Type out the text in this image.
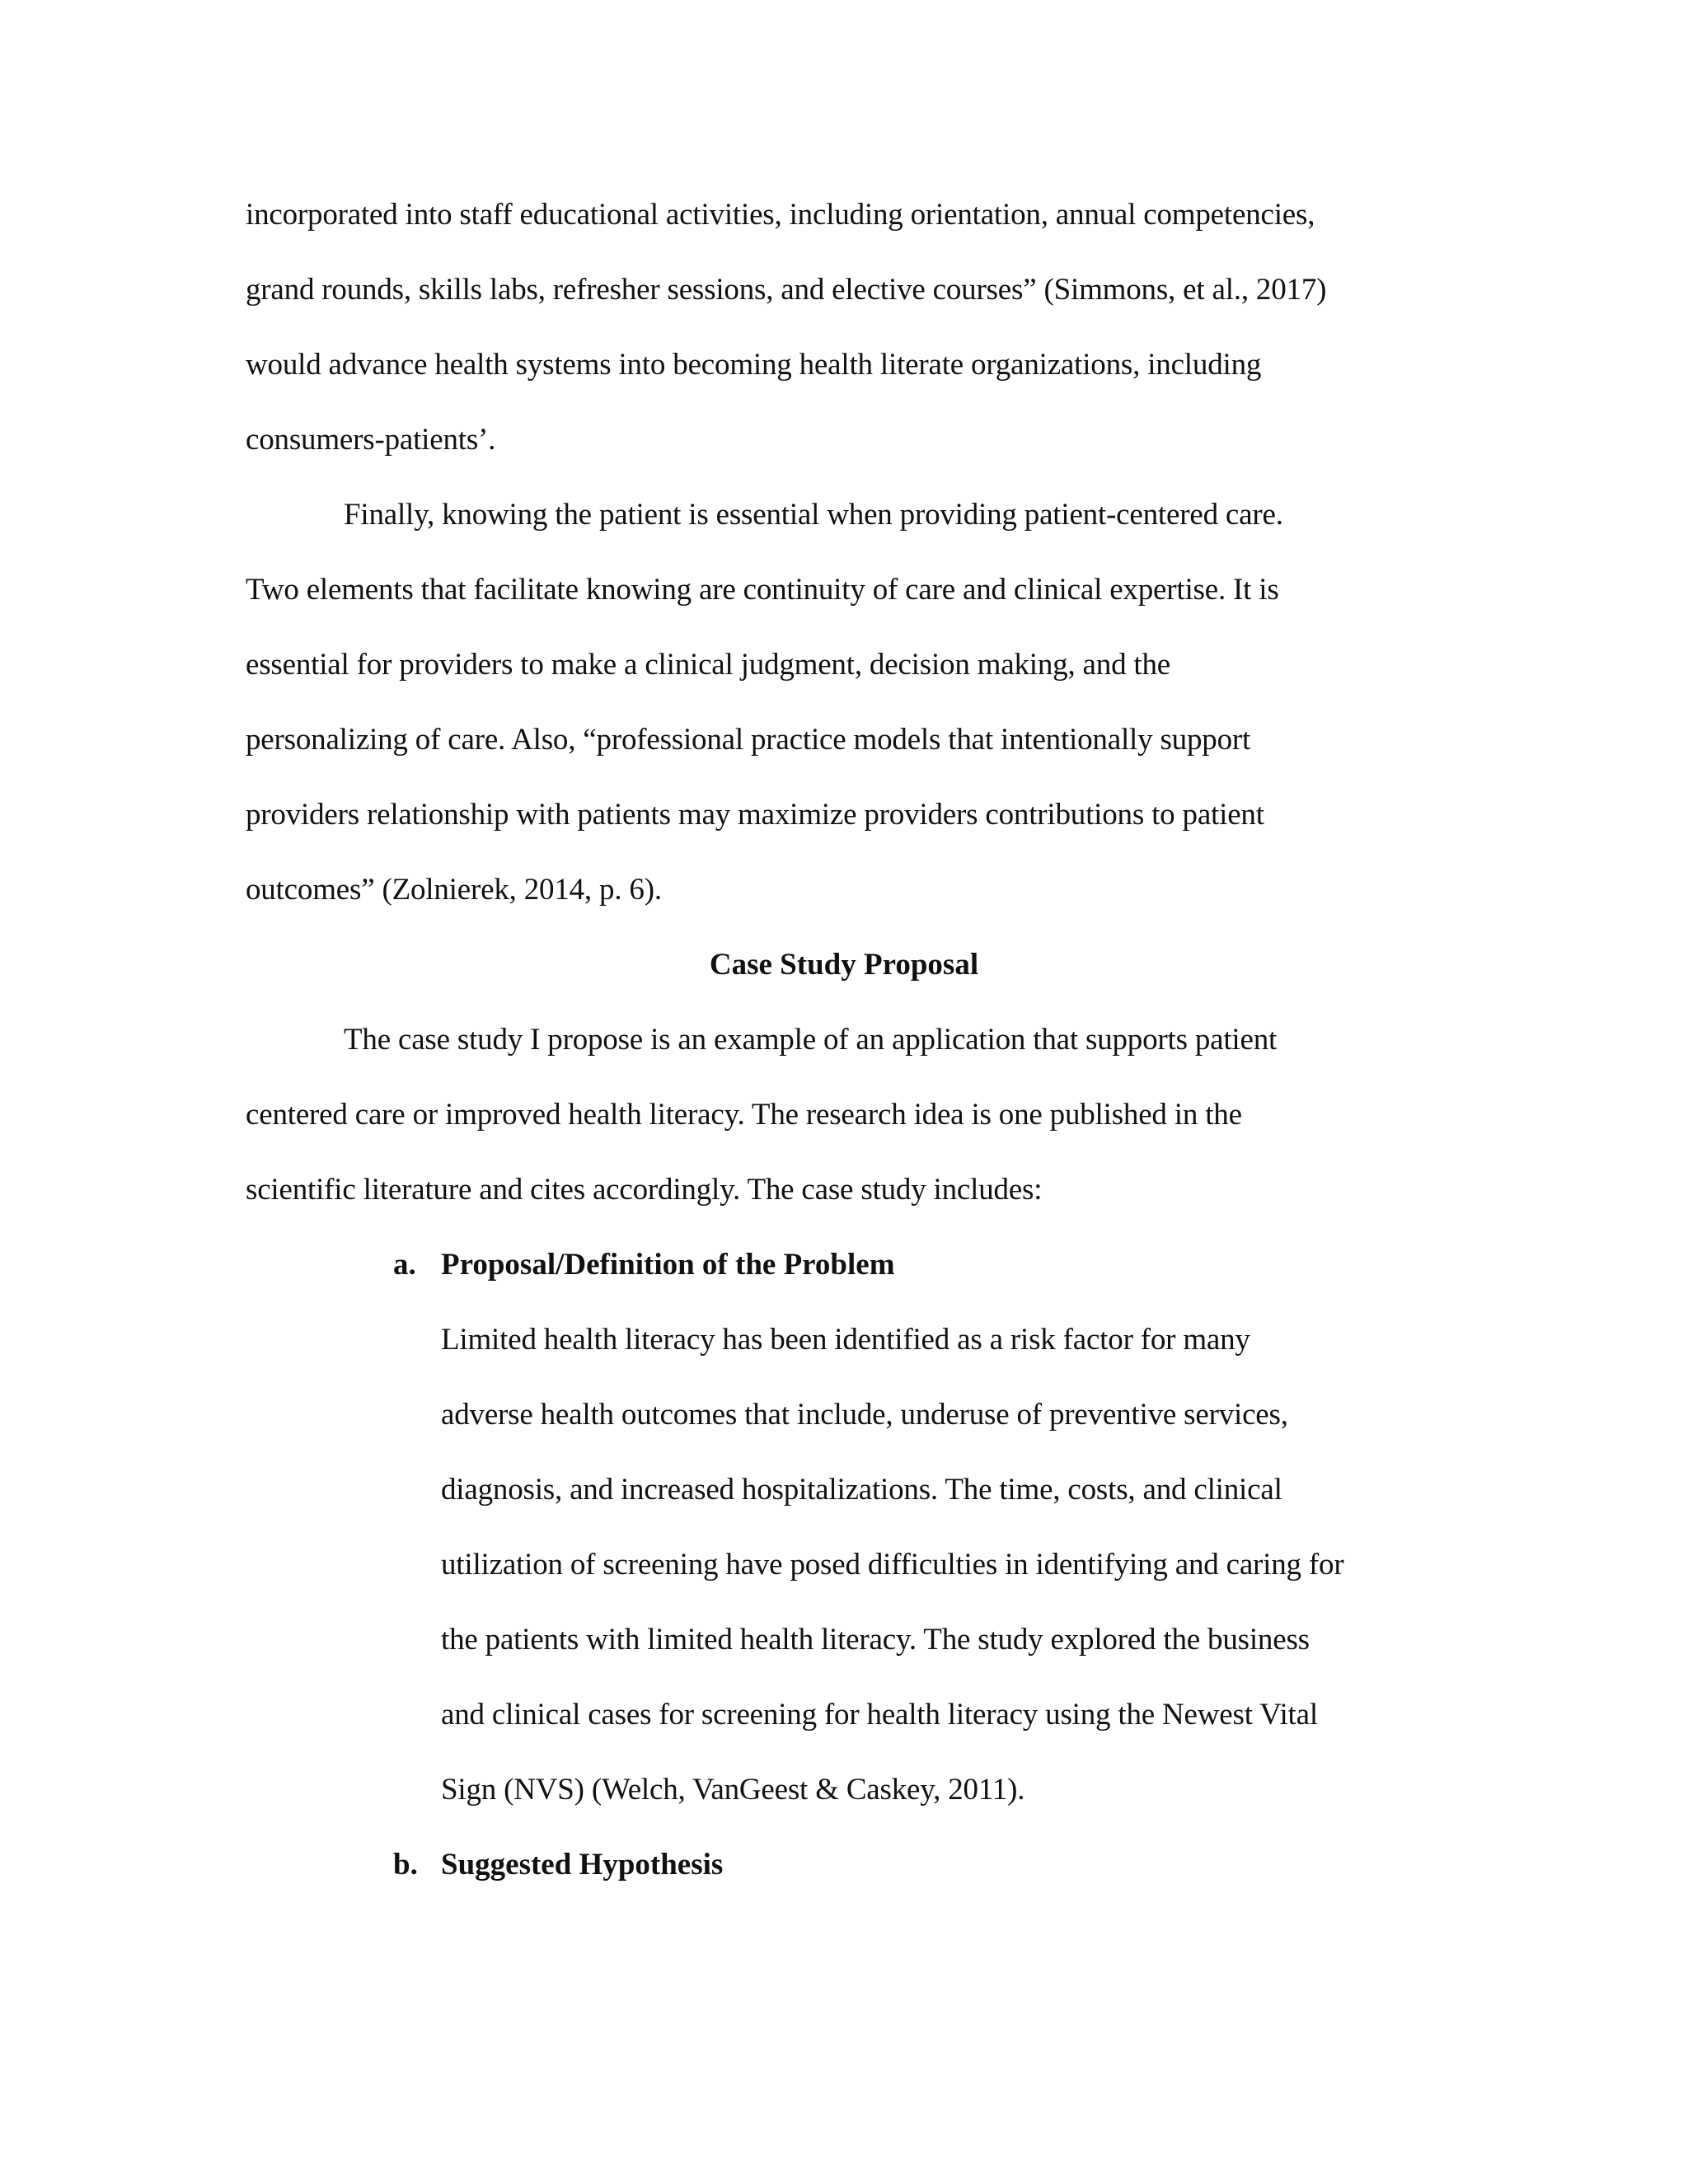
incorporated into staff educational activities, including orientation, annual competencies,
grand rounds, skills labs, refresher sessions, and elective courses” (Simmons, et al., 2017)
would advance health systems into becoming health literate organizations, including
consumers-patients’.
Finally, knowing the patient is essential when providing patient-centered care.
Two elements that facilitate knowing are continuity of care and clinical expertise. It is
essential for providers to make a clinical judgment, decision making, and the
personalizing of care. Also, “professional practice models that intentionally support
providers relationship with patients may maximize providers contributions to patient
outcomes” (Zolnierek, 2014, p. 6).
Case Study Proposal
The case study I propose is an example of an application that supports patient
centered care or improved health literacy. The research idea is one published in the
scientific literature and cites accordingly. The case study includes:
a. Proposal/Definition of the Problem
Limited health literacy has been identified as a risk factor for many
adverse health outcomes that include, underuse of preventive services,
diagnosis, and increased hospitalizations. The time, costs, and clinical
utilization of screening have posed difficulties in identifying and caring for
the patients with limited health literacy. The study explored the business
and clinical cases for screening for health literacy using the Newest Vital
Sign (NVS) (Welch, VanGeest & Caskey, 2011).
b. Suggested Hypothesis
